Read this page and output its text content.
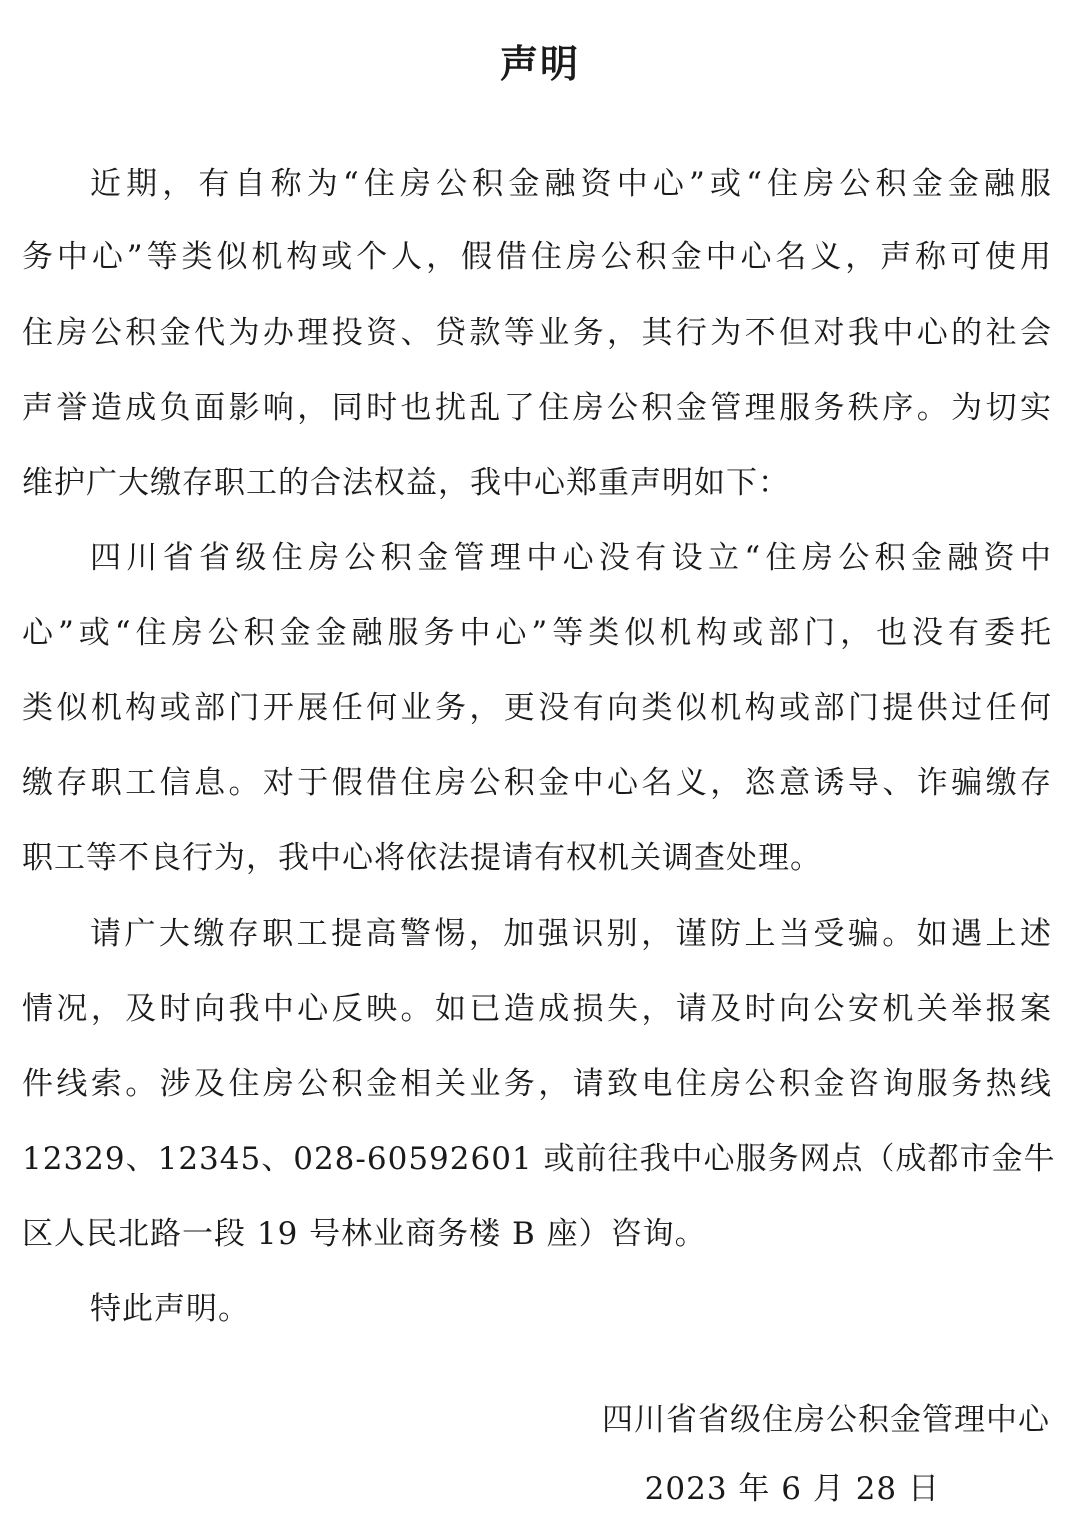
声明
近期，有自称为“住房公积金融资中心”或“住房公积金金融服
务中心”等类似机构或个人，假借住房公积金中心名义，声称可使用
住房公积金代为办理投资、贷款等业务，其行为不但对我中心的社会
声誉造成负面影响，同时也扰乱了住房公积金管理服务秩序。为切实
维护广大缴存职工的合法权益，我中心郑重声明如下：
四川省省级住房公积金管理中心没有设立“住房公积金融资中
心”或“住房公积金金融服务中心”等类似机构或部门，也没有委托
类似机构或部门开展任何业务，更没有向类似机构或部门提供过任何
缴存职工信息。对于假借住房公积金中心名义，恣意诱导、诈骗缴存
职工等不良行为，我中心将依法提请有权机关调查处理。
请广大缴存职工提高警惕，加强识别，谨防上当受骗。如遇上述
情况，及时向我中心反映。如已造成损失，请及时向公安机关举报案
件线索。涉及住房公积金相关业务，请致电住房公积金咨询服务热线
12329、12345、028-60592601 或前往我中心服务网点（成都市金牛
区人民北路一段 19 号林业商务楼 B 座）咨询。
特此声明。
四川省省级住房公积金管理中心
2023 年 6 月 28 日
